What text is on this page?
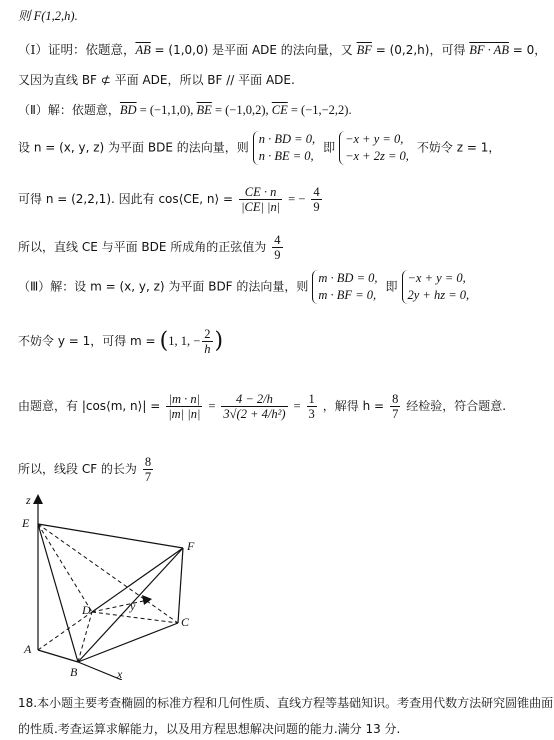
则 F(1,2,h).
（Ⅰ）证明：依题意，$\overline{AB} = (1,0,0)$ 是平面 ADE 的法向量，又 $\overline{BF} = (0,2,h)$，可得 BF · AB = 0，
又因为直线 BF ⊄ 平面 ADE，所以 BF // 平面 ADE.
（Ⅱ）解：依题意，$\overline{BD} = (-1,1,0)$, $\overline{BE} = (-1,0,2)$, $\overline{CE} = (-1,-2,2)$.
设 n = (x, y, z) 为平面 BDE 的法向量，则 n · BD = 0,
n · BE = 0, 即 −x + y = 0,
−x + 2z = 0, 不妨令 z = 1，
可得 n = (2,2,1). 因此有 cos⟨CE, n⟩ = $\frac{CE \cdot n}{|CE| |n|}$ = − $\frac{4}{9}$
所以，直线 CE 与平面 BDE 所成角的正弦值为 $\frac{4}{9}$
（Ⅲ）解：设 m = (x, y, z) 为平面 BDF 的法向量，则 m · BD = 0,
m · BF = 0, 即 −x + y = 0,
2y + hz = 0,
不妨令 y = 1，可得 m = (1, 1, − $\frac{2}{h}$ )
由题意，有 |cos⟨m, n⟩| = $\frac{|m \cdot n|}{|m| |n|} = \frac{4 - 2/h}{\text{3√(2 + 4/h²)}} = \frac{1}{3}$ ，解得 $h = \frac{8}{7}$ 经检验，符合题意.
所以，线段 CF 的长为 $\frac{8}{7}$
z
E
F
D	y
C
A
B	x
18.本小题主要考查椭圆的标准方程和几何性质、直线方程等基础知识。考查用代数方法研究圆锥曲面
的性质.考查运算求解能力，以及用方程思想解决问题的能力.满分 13 分.
